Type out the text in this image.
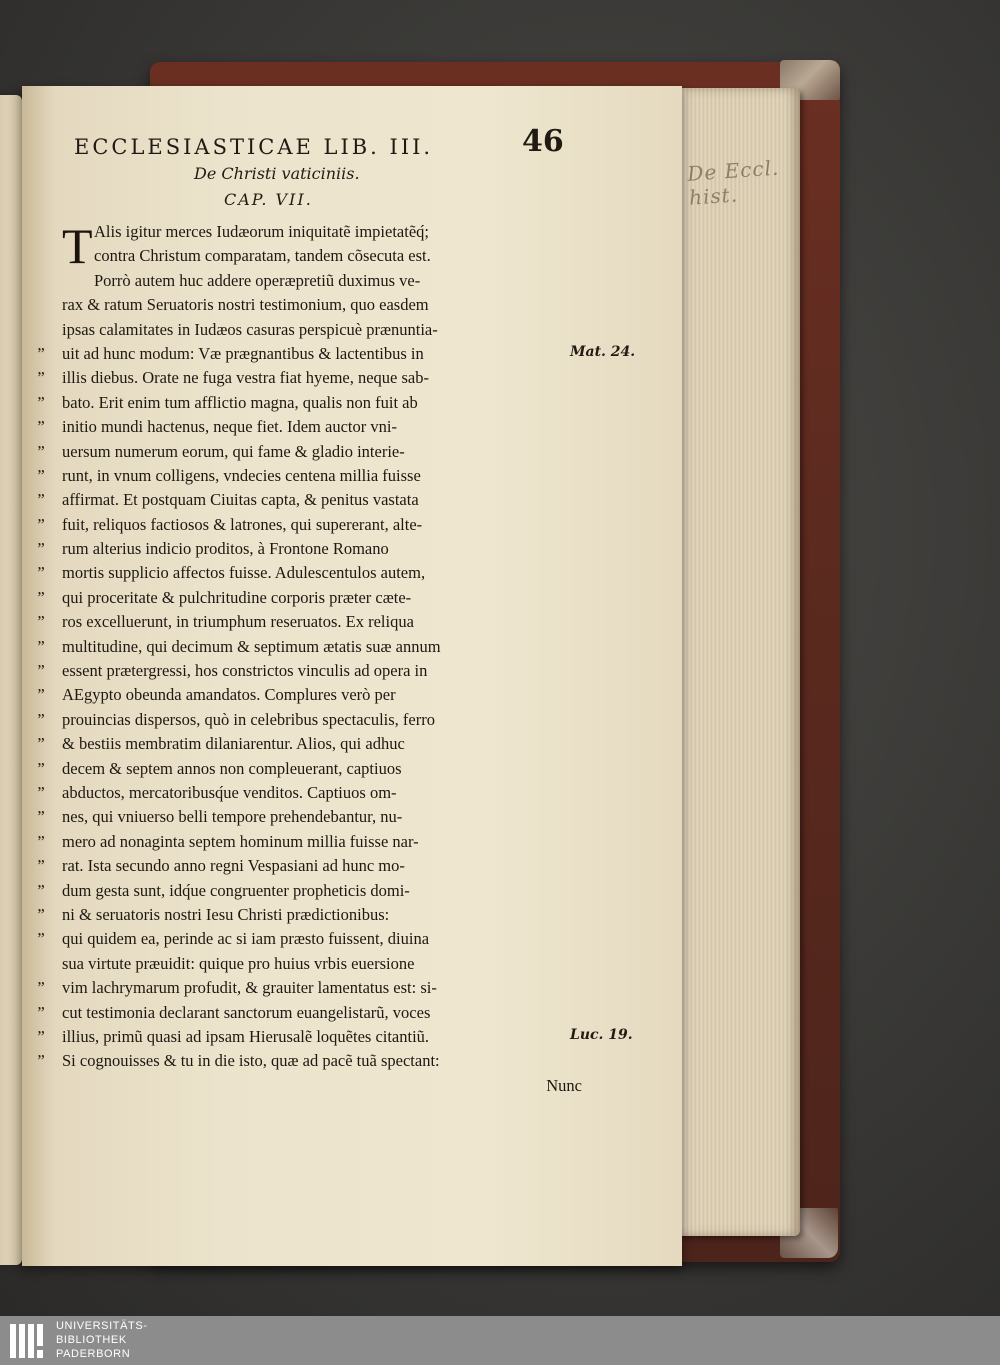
De Eccl. hist.
ECCLESIASTICAE LIB. III.	46
De Christi vaticiniis.
CAP. VII.
T Alis igitur merces Iudæorum iniquitatẽ impietatẽq́;
contra Christum comparatam, tandem cõsecuta est.
Porrò autem huc addere operæpretiũ duximus ve-
rax & ratum Seruatoris nostri testimonium, quo easdem
ipsas calamitates in Iudæos casuras perspicuè prænuntia-
” uit ad hunc modum: Væ prægnantibus & lactentibus in
” illis diebus. Orate ne fuga vestra fiat hyeme, neque sab-
” bato. Erit enim tum afflictio magna, qualis non fuit ab
” initio mundi hactenus, neque fiet. Idem auctor vni-
” uersum numerum eorum, qui fame & gladio interie-
” runt, in vnum colligens, vndecies centena millia fuisse
” affirmat. Et postquam Ciuitas capta, & penitus vastata
” fuit, reliquos factiosos & latrones, qui supererant, alte-
” rum alterius indicio proditos, à Frontone Romano
” mortis supplicio affectos fuisse. Adulescentulos autem,
” qui proceritate & pulchritudine corporis præter cæte-
” ros excelluerunt, in triumphum reseruatos. Ex reliqua
” multitudine, qui decimum & septimum ætatis suæ annum
” essent prætergressi, hos constrictos vinculis ad opera in
” AEgypto obeunda amandatos. Complures verò per
” prouincias dispersos, quò in celebribus spectaculis, ferro
” & bestiis membratim dilaniarentur. Alios, qui adhuc
” decem & septem annos non compleuerant, captiuos
” abductos, mercatoribusq́ue venditos. Captiuos om-
” nes, qui vniuerso belli tempore prehendebantur, nu-
” mero ad nonaginta septem hominum millia fuisse nar-
” rat. Ista secundo anno regni Vespasiani ad hunc mo-
” dum gesta sunt, idq́ue congruenter propheticis domi-
” ni & seruatoris nostri Iesu Christi prædictionibus:
” qui quidem ea, perinde ac si iam præsto fuissent, diuina
sua virtute præuidit: quique pro huius vrbis euersione
” vim lachrymarum profudit, & grauiter lamentatus est: si-
” cut testimonia declarant sanctorum euangelistarũ, voces
” illius, primũ quasi ad ipsam Hierusalẽ loquẽtes citantiũ.
” Si cognouisses & tu in die isto, quæ ad pacẽ tuã spectant:
Nunc
Mat. 24.
Luc. 19.
UNIVERSITÄTS-
BIBLIOTHEK
PADERBORN
